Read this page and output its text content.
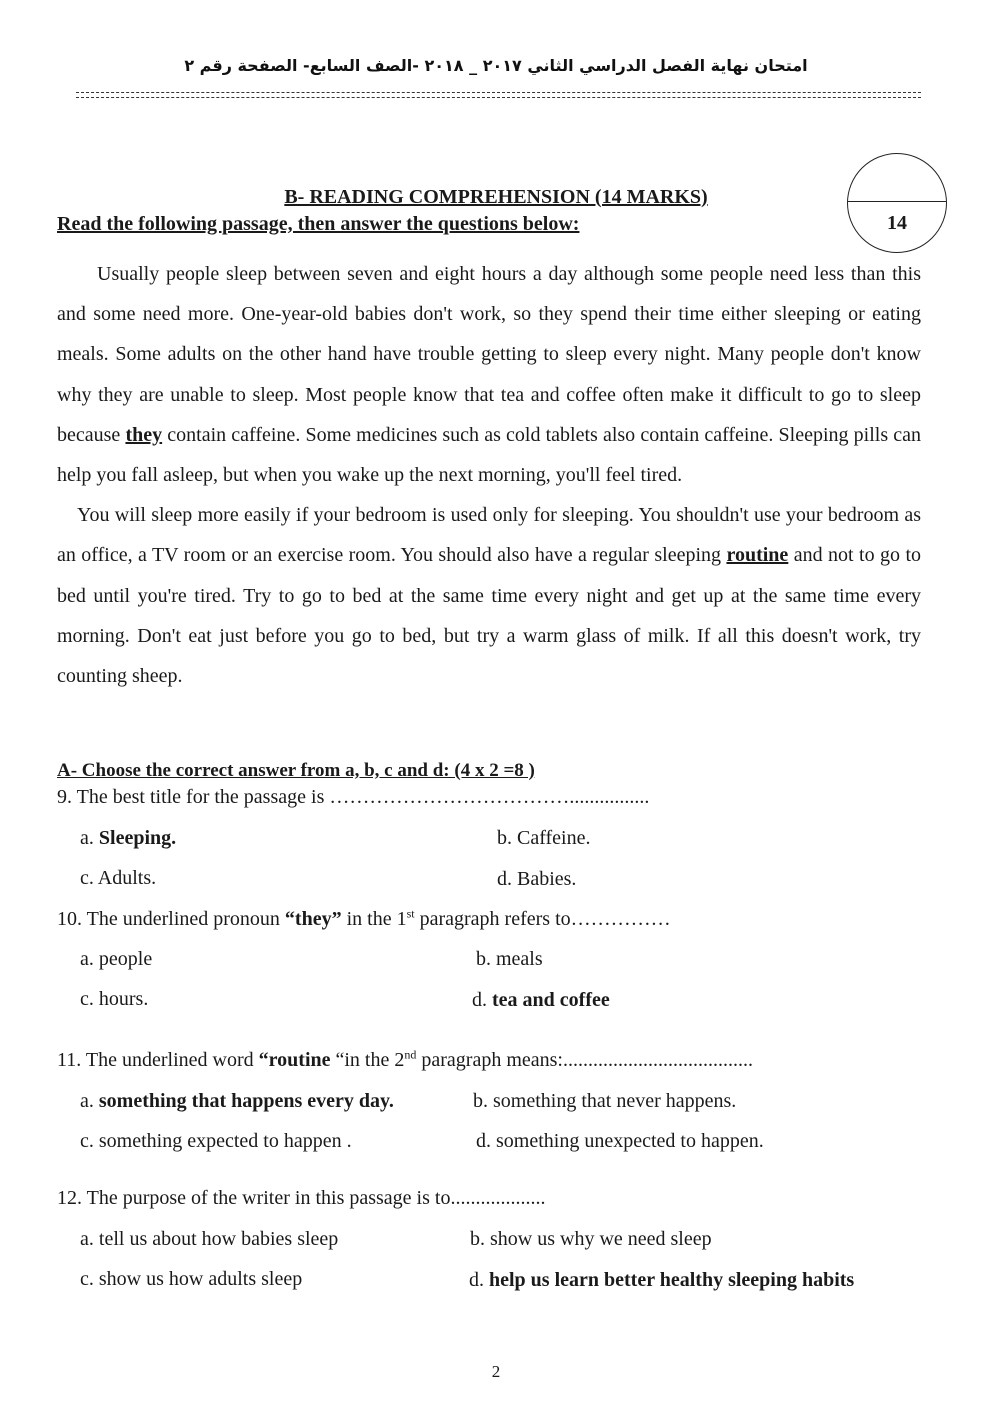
امتحان نهاية الفصل الدراسي الثاني ٢٠١٧ _ ٢٠١٨ -الصف السابع- الصفحة رقم ٢
B- READING COMPREHENSION (14 MARKS)
Read the following passage, then answer the questions below:	14

Usually people sleep between seven and eight hours a day although some people need less than this and some need more. One-year-old babies don't work, so they spend their time either sleeping or eating meals. Some adults on the other hand have trouble getting to sleep every night. Many people don't know why they are unable to sleep. Most people know that tea and coffee often make it difficult to go to sleep because they contain caffeine. Some medicines such as cold tablets also contain caffeine. Sleeping pills can help you fall asleep, but when you wake up the next morning, you'll feel tired.

You will sleep more easily if your bedroom is used only for sleeping. You shouldn't use your bedroom as an office, a TV room or an exercise room. You should also have a regular sleeping routine and not to go to bed until you're tired. Try to go to bed at the same time every night and get up at the same time every morning. Don't eat just before you go to bed, but try a warm glass of milk. If all this doesn't work, try counting sheep.

A- Choose the correct answer from a, b, c and d: (4 x 2 =8 )
9. The best title for the passage is ………………………………................
a. Sleeping.	b. Caffeine.
c. Adults.	d. Babies.
10. The underlined pronoun “they” in the 1st paragraph refers to……………
a. people	b. meals
c. hours.	d. tea and coffee
11. The underlined word “routine “in the 2nd paragraph means:......................................
a. something that happens every day.	b. something that never happens.
c. something expected to happen .	d. something unexpected to happen.
12. The purpose of the writer in this passage is to...................
a. tell us about how babies sleep	b. show us why we need sleep
c. show us how adults sleep	d. help us learn better healthy sleeping habits
2
